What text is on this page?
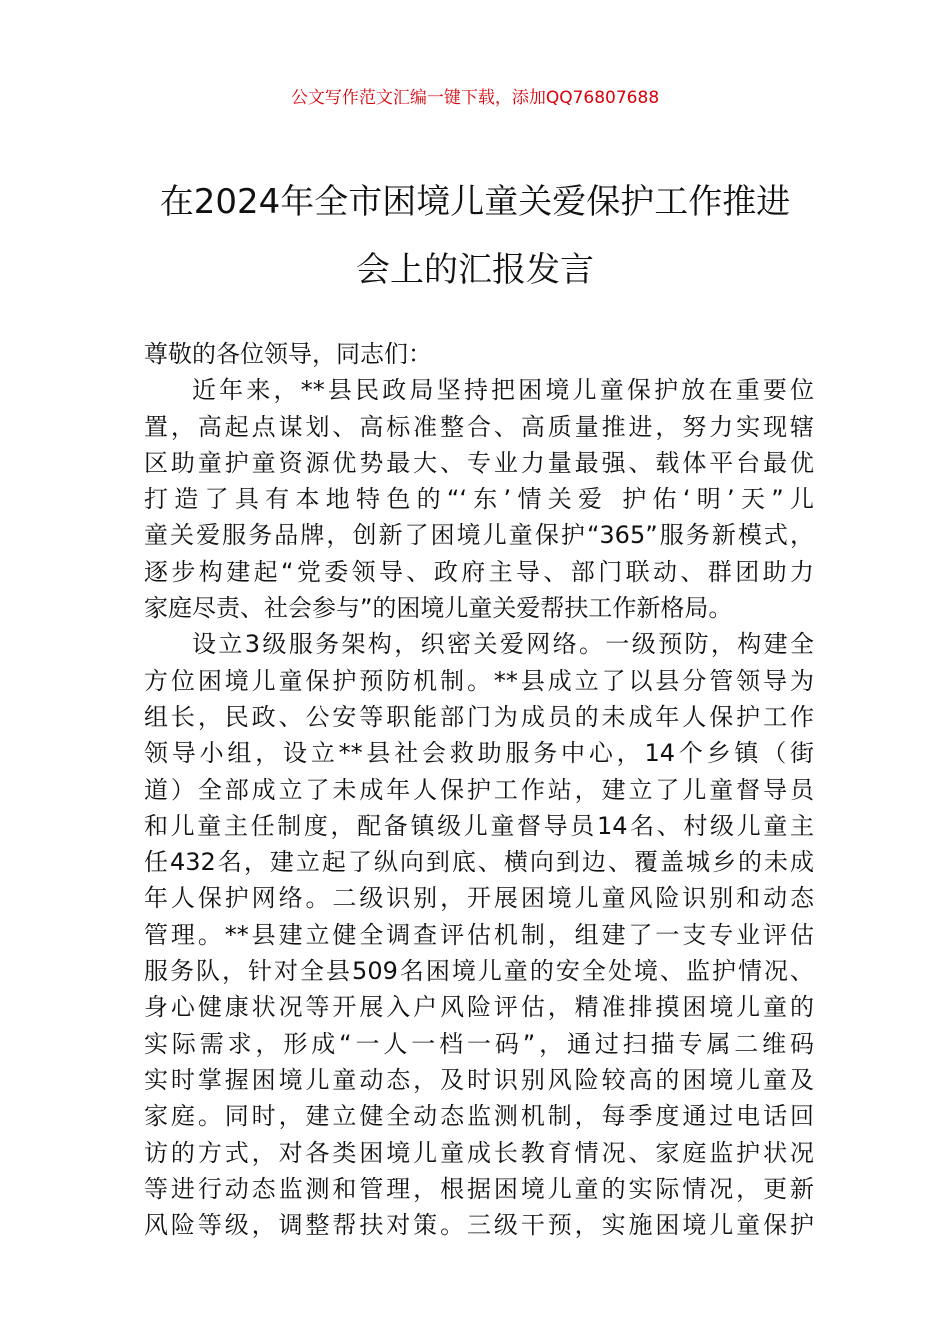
公文写作范文汇编一键下载，添加QQ76807688
在2024年全市困境儿童关爱保护工作推进
会上的汇报发言
尊敬的各位领导，同志们：
近年来，**县民政局坚持把困境儿童保护放在重要位
置，高起点谋划、高标准整合、高质量推进，努力实现辖
区助童护童资源优势最大、专业力量最强、载体平台最优
打造了具有本地特色的“‘东’情关爱 护佑‘明’天”儿
童关爱服务品牌，创新了困境儿童保护“365”服务新模式，
逐步构建起“党委领导、政府主导、部门联动、群团助力
家庭尽责、社会参与”的困境儿童关爱帮扶工作新格局。
设立3级服务架构，织密关爱网络。一级预防，构建全
方位困境儿童保护预防机制。**县成立了以县分管领导为
组长，民政、公安等职能部门为成员的未成年人保护工作
领导小组，设立**县社会救助服务中心，14个乡镇（街
道）全部成立了未成年人保护工作站，建立了儿童督导员
和儿童主任制度，配备镇级儿童督导员14名、村级儿童主
任432名，建立起了纵向到底、横向到边、覆盖城乡的未成
年人保护网络。二级识别，开展困境儿童风险识别和动态
管理。**县建立健全调查评估机制，组建了一支专业评估
服务队，针对全县509名困境儿童的安全处境、监护情况、
身心健康状况等开展入户风险评估，精准排摸困境儿童的
实际需求，形成“一人一档一码”，通过扫描专属二维码
实时掌握困境儿童动态，及时识别风险较高的困境儿童及
家庭。同时，建立健全动态监测机制，每季度通过电话回
访的方式，对各类困境儿童成长教育情况、家庭监护状况
等进行动态监测和管理，根据困境儿童的实际情况，更新
风险等级，调整帮扶对策。三级干预，实施困境儿童保护
